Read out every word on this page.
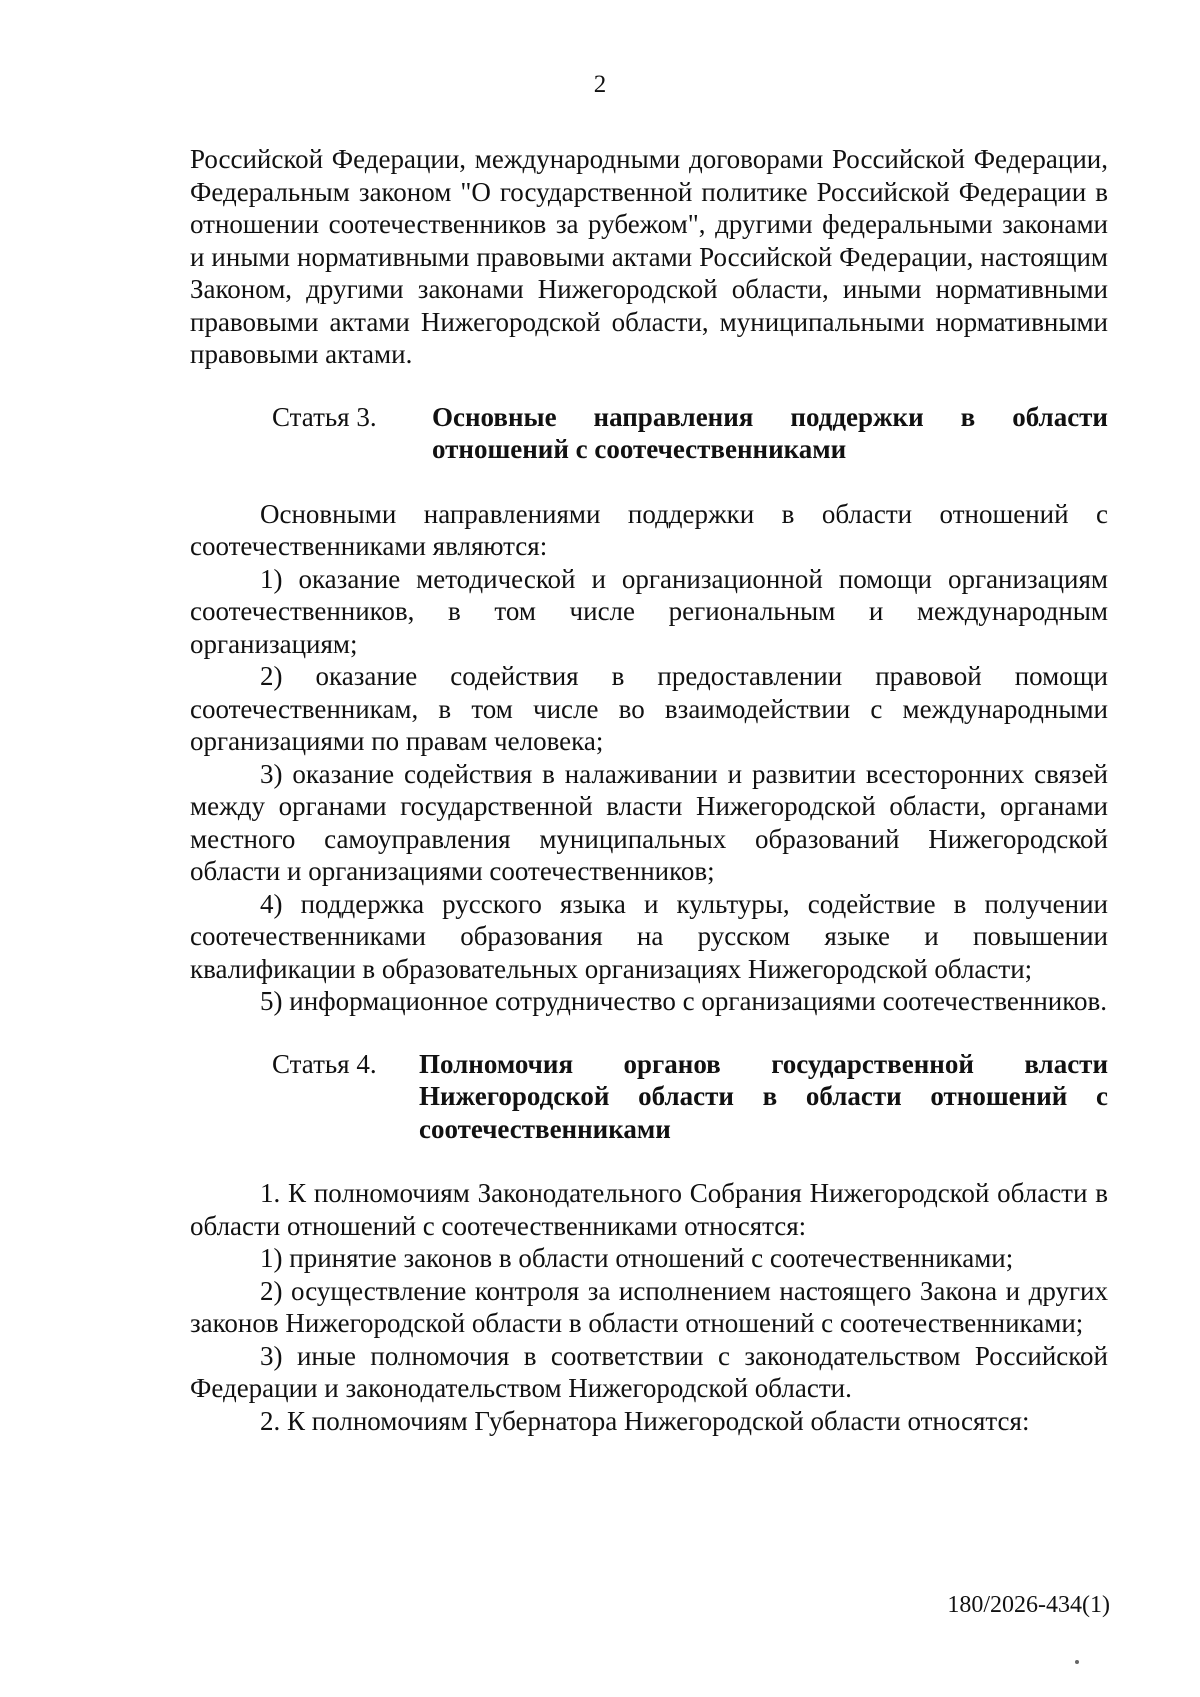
2

Российской Федерации, международными договорами Российской Федерации, Федеральным законом "О государственной политике Российской Федерации в отношении соотечественников за рубежом", другими федеральными законами и иными нормативными правовыми актами Российской Федерации, настоящим Законом, другими законами Нижегородской области, иными нормативными правовыми актами Нижегородской области, муниципальными нормативными правовыми актами.

Статья 3.	Основные направления поддержки в области отношений с соотечественниками

Основными направлениями поддержки в области отношений с соотечественниками являются:

1) оказание методической и организационной помощи организациям соотечественников, в том числе региональным и международным организациям;

2) оказание содействия в предоставлении правовой помощи соотечественникам, в том числе во взаимодействии с международными организациями по правам человека;

3) оказание содействия в налаживании и развитии всесторонних связей между органами государственной власти Нижегородской области, органами местного самоуправления муниципальных образований Нижегородской области и организациями соотечественников;

4) поддержка русского языка и культуры, содействие в получении соотечественниками образования на русском языке и повышении квалификации в образовательных организациях Нижегородской области;

5) информационное сотрудничество с организациями соотечественников.

Статья 4.	Полномочия органов государственной власти Нижегородской области в области отношений с соотечественниками

1. К полномочиям Законодательного Собрания Нижегородской области в области отношений с соотечественниками относятся:

1) принятие законов в области отношений с соотечественниками;

2) осуществление контроля за исполнением настоящего Закона и других законов Нижегородской области в области отношений с соотечественниками;

3) иные полномочия в соответствии с законодательством Российской Федерации и законодательством Нижегородской области.

2. К полномочиям Губернатора Нижегородской области относятся:

180/2026-434(1)
